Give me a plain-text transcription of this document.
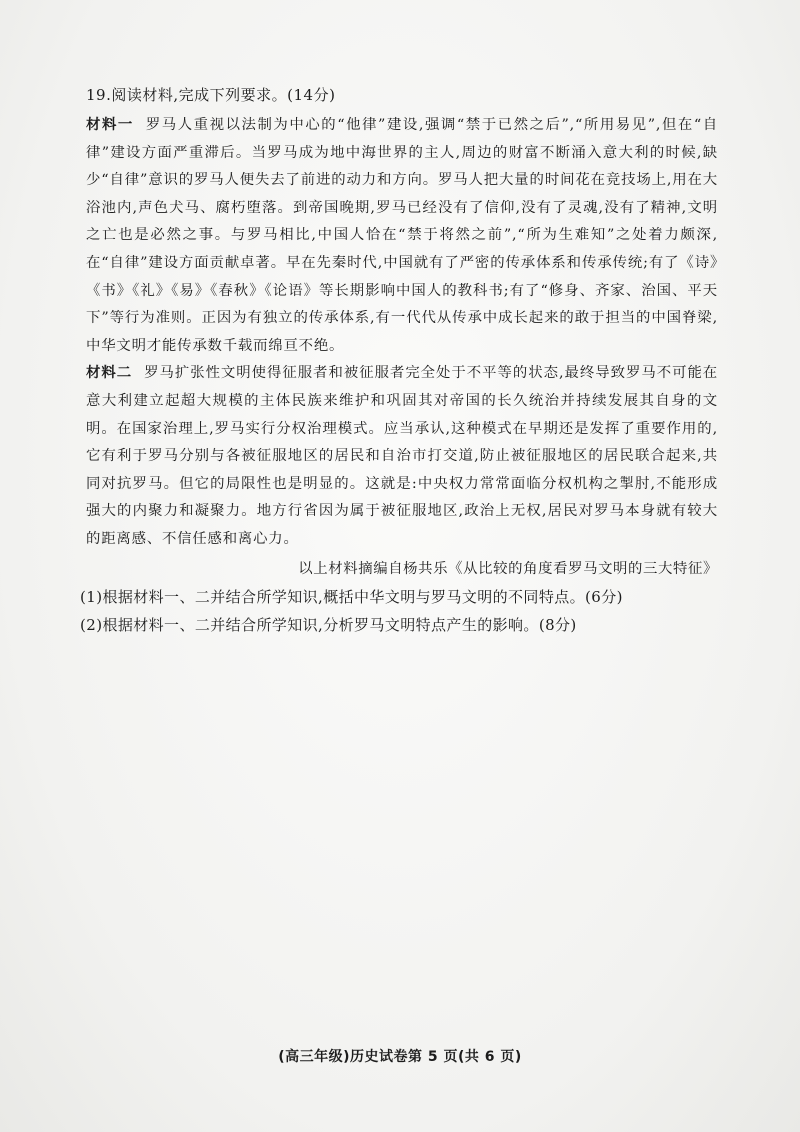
19.阅读材料,完成下列要求。(14分)

材料一 罗马人重视以法制为中心的“他律”建设,强调“禁于已然之后”,“所用易见”,但在“自律”建设方面严重滞后。当罗马成为地中海世界的主人,周边的财富不断涌入意大利的时候,缺少“自律”意识的罗马人便失去了前进的动力和方向。罗马人把大量的时间花在竞技场上,用在大浴池内,声色犬马、腐朽堕落。到帝国晚期,罗马已经没有了信仰,没有了灵魂,没有了精神,文明之亡也是必然之事。与罗马相比,中国人恰在“禁于将然之前”,“所为生难知”之处着力颇深,在“自律”建设方面贡献卓著。早在先秦时代,中国就有了严密的传承体系和传承传统;有了《诗》《书》《礼》《易》《春秋》《论语》等长期影响中国人的教科书;有了“修身、齐家、治国、平天下”等行为准则。正因为有独立的传承体系,有一代代从传承中成长起来的敢于担当的中国脊梁,中华文明才能传承数千载而绵亘不绝。

材料二 罗马扩张性文明使得征服者和被征服者完全处于不平等的状态,最终导致罗马不可能在意大利建立起超大规模的主体民族来维护和巩固其对帝国的长久统治并持续发展其自身的文明。在国家治理上,罗马实行分权治理模式。应当承认,这种模式在早期还是发挥了重要作用的,它有利于罗马分别与各被征服地区的居民和自治市打交道,防止被征服地区的居民联合起来,共同对抗罗马。但它的局限性也是明显的。这就是:中央权力常常面临分权机构之掣肘,不能形成强大的内聚力和凝聚力。地方行省因为属于被征服地区,政治上无权,居民对罗马本身就有较大的距离感、不信任感和离心力。

以上材料摘编自杨共乐《从比较的角度看罗马文明的三大特征》

(1)根据材料一、二并结合所学知识,概括中华文明与罗马文明的不同特点。(6分)

(2)根据材料一、二并结合所学知识,分析罗马文明特点产生的影响。(8分)

(高三年级)历史试卷第 5 页(共 6 页)
